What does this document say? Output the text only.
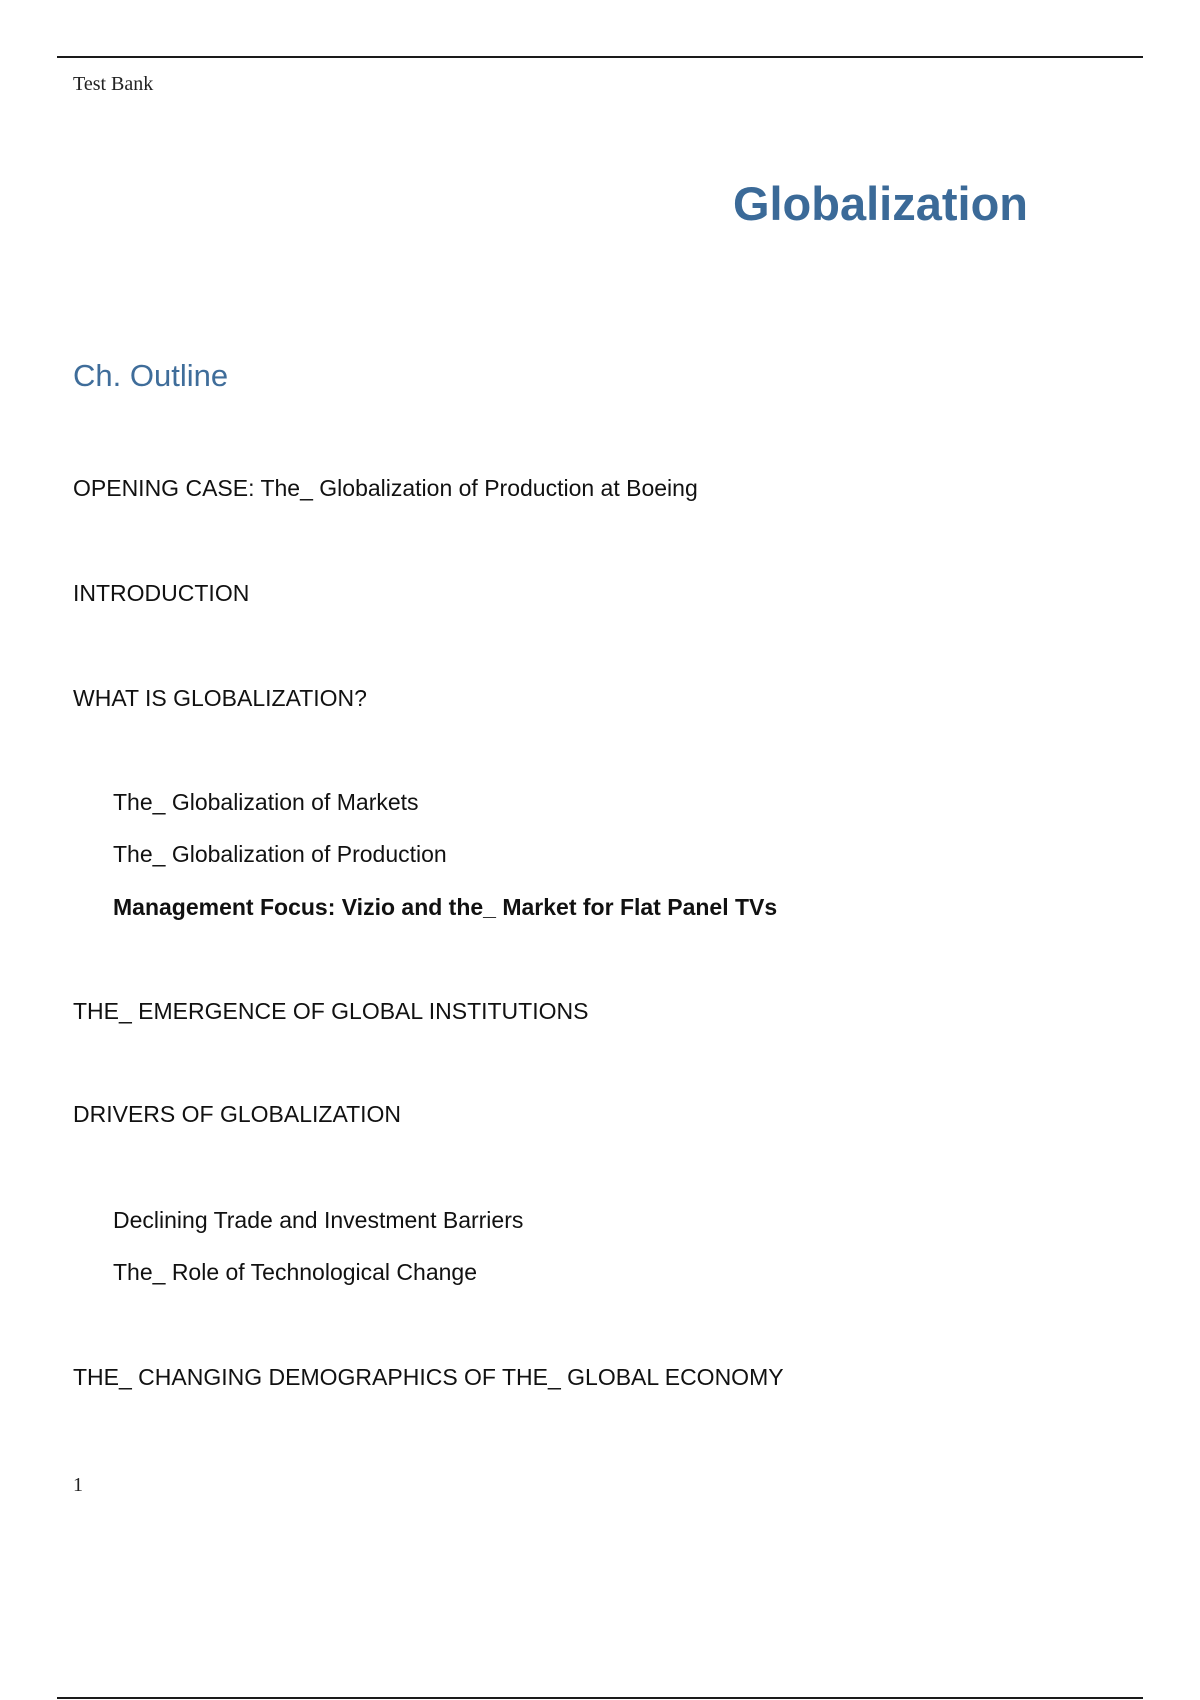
Test Bank
Globalization
Ch. Outline
OPENING CASE: The_ Globalization of Production at Boeing
INTRODUCTION
WHAT IS GLOBALIZATION?
The_ Globalization of Markets
The_ Globalization of Production
Management Focus: Vizio and the_ Market for Flat Panel TVs
THE_ EMERGENCE OF GLOBAL INSTITUTIONS
DRIVERS OF GLOBALIZATION
Declining Trade and Investment Barriers
The_ Role of Technological Change
THE_ CHANGING DEMOGRAPHICS OF THE_ GLOBAL ECONOMY
1
